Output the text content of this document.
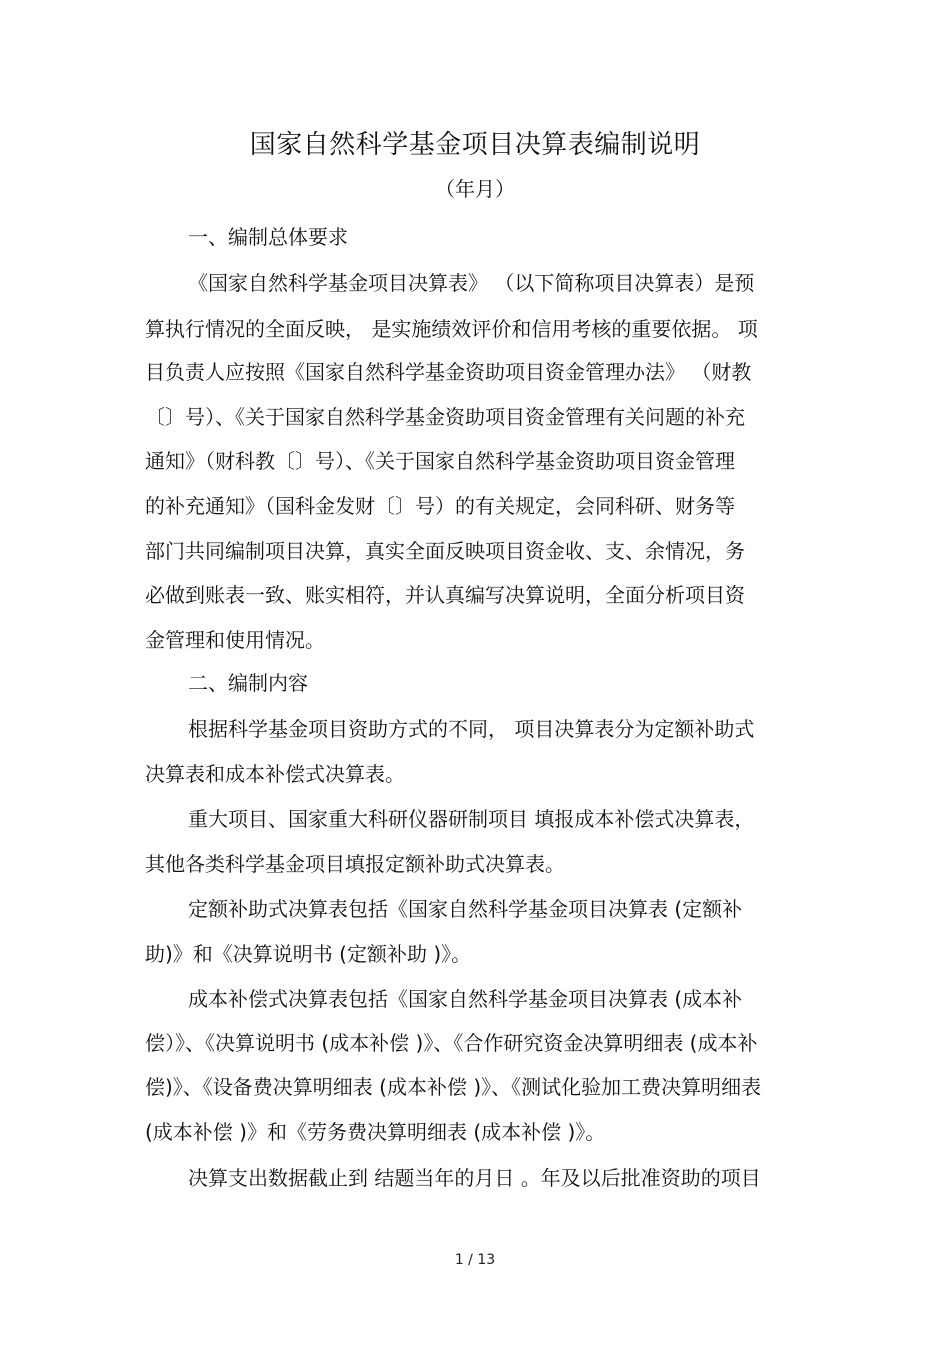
国家自然科学基金项目决算表编制说明
（年月）
一、编制总体要求
《国家自然科学基金项目决算表》 （以下简称项目决算表）是预
算执行情况的全面反映， 是实施绩效评价和信用考核的重要依据。 项
目负责人应按照《国家自然科学基金资助项目资金管理办法》 （财教
〔〕号）、《关于国家自然科学基金资助项目资金管理有关问题的补充
通知》（财科教〔〕号）、《关于国家自然科学基金资助项目资金管理
的补充通知》（国科金发财〔〕号）的有关规定，会同科研、财务等
部门共同编制项目决算，真实全面反映项目资金收、支、余情况，务
必做到账表一致、账实相符，并认真编写决算说明，全面分析项目资
金管理和使用情况。
二、编制内容
根据科学基金项目资助方式的不同， 项目决算表分为定额补助式
决算表和成本补偿式决算表。
重大项目、国家重大科研仪器研制项目 填报成本补偿式决算表，
其他各类科学基金项目填报定额补助式决算表。
定额补助式决算表包括《国家自然科学基金项目决算表 (定额补
助)》和《决算说明书 (定额补助 )》。
成本补偿式决算表包括《国家自然科学基金项目决算表 (成本补
偿）》、《决算说明书 (成本补偿 )》、《合作研究资金决算明细表 (成本补
偿)》、《设备费决算明细表 (成本补偿 )》、《测试化验加工费决算明细表
(成本补偿 )》和《劳务费决算明细表 (成本补偿 )》。
决算支出数据截止到 结题当年的月日 。年及以后批准资助的项目
1 / 13
